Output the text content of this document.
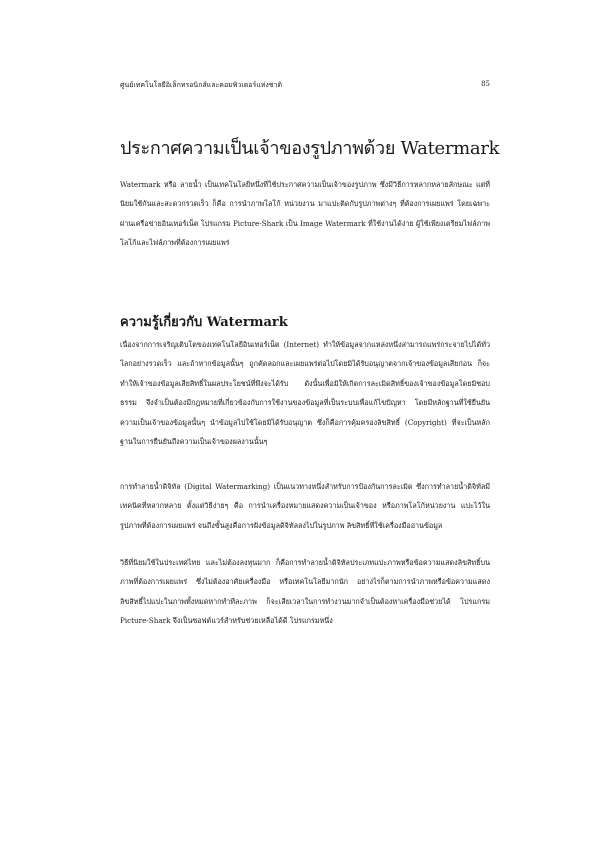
ศูนย์เทคโนโลยีอิเล็กทรอนิกส์และคอมพิวเตอร์แห่งชาติ	85
ประกาศความเป็นเจ้าของรูปภาพด้วย Watermark

Watermark หรือ ลายน้ำ เป็นเทคโนโลยีหนึ่งที่ใช้ประกาศความเป็นเจ้าของรูปภาพ ซึ่งมีวิธีการหลากหลายลักษณะ แต่ที่นิยมใช้กันและสะดวกรวดเร็ว ก็คือ การนำภาพโลโก้ หน่วยงาน มาแปะติดกับรูปภาพต่างๆ ที่ต้องการเผยแพร่ โดยเฉพาะผ่านเครือข่ายอินเทอร์เน็ต โปรแกรม Picture-Shark เป็น Image Watermark ที่ใช้งานได้ง่าย ผู้ใช้เพียงเตรียมไฟล์ภาพโลโก้และไฟล์ภาพที่ต้องการเผยแพร่

ความรู้เกี่ยวกับ Watermark

เนื่องจากการเจริญเติบโตของเทคโนโลยีอินเทอร์เน็ต (Internet) ทำให้ข้อมูลจากแหล่งหนึ่งสามารถแพร่กระจายไปได้ทั่วโลกอย่างรวดเร็ว และถ้าหากข้อมูลนั้นๆ ถูกคัดลอกและเผยแพร่ต่อไปโดยมิได้รับอนุญาตจากเจ้าของข้อมูลเสียก่อน ก็จะทำให้เจ้าของข้อมูลเสียสิทธิ์ในผลประโยชน์ที่พึงจะได้รับ ดังนั้นเพื่อมิให้เกิดการละเมิดสิทธิ์ของเจ้าของข้อมูลโดยมิชอบธรรม จึงจำเป็นต้องมีกฎหมายที่เกี่ยวข้องกับการใช้งานของข้อมูลที่เป็นระบบเพื่อแก้ไขปัญหา โดยมีหลักฐานที่ใช้ยืนยันความเป็นเจ้าของข้อมูลนั้นๆ นำข้อมูลไปใช้โดยมิได้รับอนุญาต ซึ่งก็คือการคุ้มครองลิขสิทธิ์ (Copyright) ที่จะเป็นหลักฐานในการยืนยันถึงความเป็นเจ้าของผลงานนั้นๆ

การทำลายน้ำดิจิทัล (Digital Watermarking) เป็นแนวทางหนึ่งสำหรับการป้องกันการละเมิด ซึ่งการทำลายน้ำดิจิทัลมีเทคนิคที่หลากหลาย ตั้งแต่วิธีง่ายๆ คือ การนำเครื่องหมายแสดงความเป็นเจ้าของ หรือภาพโลโก้หน่วยงาน แปะไว้ในรูปภาพที่ต้องการเผยแพร่ จนถึงขั้นสูงคือการฝังข้อมูลดิจิทัลลงไปในรูปภาพ ลิขสิทธิ์ที่ใช้เครื่องมืออ่านข้อมูล

วิธีที่นิยมใช้ในประเทศไทย และไม่ต้องลงทุนมาก ก็คือการทำลายน้ำดิจิทัลประเภทแปะภาพหรือข้อความแสดงลิขสิทธิ์บนภาพที่ต้องการเผยแพร่ ซึ่งไม่ต้องอาศัยเครื่องมือ หรือเทคโนโลยีมากนัก อย่างไรก็ตามการนำภาพหรือข้อความแสดงลิขสิทธิ์ไปแปะในภาพทั้งหมดหากทำทีละภาพ ก็จะเสียเวลาในการทำงานมากจำเป็นต้องหาเครื่องมือช่วยได้ โปรแกรม Picture-Shark จึงเป็นซอฟต์แวร์สำหรับช่วยเหลือได้ดี โปรแกรมหนึ่ง
